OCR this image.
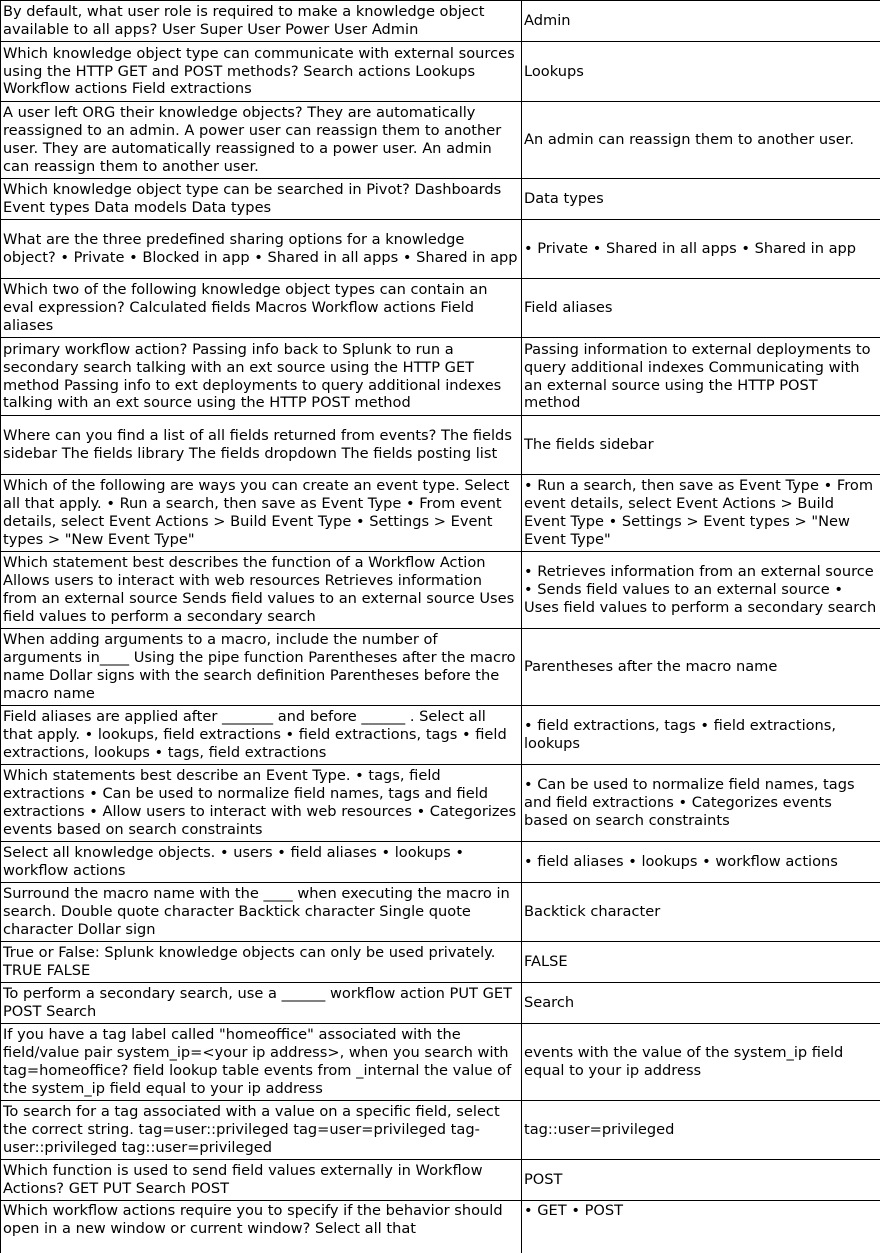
By default, what user role is required to make a knowledge object available to all apps? User Super User Power User Admin	Admin
Which knowledge object type can communicate with external sources using the HTTP GET and POST methods? Search actions Lookups Workflow actions Field extractions	Lookups
A user left ORG their knowledge objects? They are automatically reassigned to an admin. A power user can reassign them to another user. They are automatically reassigned to a power user. An admin can reassign them to another user.	An admin can reassign them to another user.
Which knowledge object type can be searched in Pivot? Dashboards Event types Data models Data types	Data types
What are the three predefined sharing options for a knowledge object? • Private • Blocked in app • Shared in all apps • Shared in app	• Private • Shared in all apps • Shared in app
Which two of the following knowledge object types can contain an eval expression? Calculated fields Macros Workflow actions Field aliases	Field aliases
primary workflow action? Passing info back to Splunk to run a secondary search talking with an ext source using the HTTP GET method Passing info to ext deployments to query additional indexes talking with an ext source using the HTTP POST method	Passing information to external deployments to query additional indexes Communicating with an external source using the HTTP POST method
Where can you find a list of all fields returned from events? The fields sidebar The fields library The fields dropdown The fields posting list	The fields sidebar
Which of the following are ways you can create an event type. Select all that apply. • Run a search, then save as Event Type • From event details, select Event Actions > Build Event Type • Settings > Event types > "New Event Type"	• Run a search, then save as Event Type • From event details, select Event Actions > Build Event Type • Settings > Event types > "New Event Type"
Which statement best describes the function of a Workflow Action Allows users to interact with web resources Retrieves information from an external source Sends field values to an external source Uses field values to perform a secondary search	• Retrieves information from an external source • Sends field values to an external source • Uses field values to perform a secondary search
When adding arguments to a macro, include the number of arguments in____ Using the pipe function Parentheses after the macro name Dollar signs with the search definition Parentheses before the macro name	Parentheses after the macro name
Field aliases are applied after _______ and before ______ . Select all that apply. • lookups, field extractions • field extractions, tags • field extractions, lookups • tags, field extractions	• field extractions, tags • field extractions, lookups
Which statements best describe an Event Type. • tags, field extractions • Can be used to normalize field names, tags and field extractions • Allow users to interact with web resources • Categorizes events based on search constraints	• Can be used to normalize field names, tags and field extractions • Categorizes events based on search constraints
Select all knowledge objects. • users • field aliases • lookups • workflow actions	• field aliases • lookups • workflow actions
Surround the macro name with the ____ when executing the macro in search. Double quote character Backtick character Single quote character Dollar sign	Backtick character
True or False: Splunk knowledge objects can only be used privately. TRUE FALSE	FALSE
To perform a secondary search, use a ______ workflow action PUT GET POST Search	Search
If you have a tag label called "homeoffice" associated with the field/value pair system_ip=<your ip address>, when you search with tag=homeoffice? field lookup table events from _internal the value of the system_ip field equal to your ip address	events with the value of the system_ip field equal to your ip address
To search for a tag associated with a value on a specific field, select the correct string. tag=user::privileged tag=user=privileged tag-user::privileged tag::user=privileged	tag::user=privileged
Which function is used to send field values externally in Workflow Actions? GET PUT Search POST	POST
Which workflow actions require you to specify if the behavior should open in a new window or current window? Select all that	• GET • POST
